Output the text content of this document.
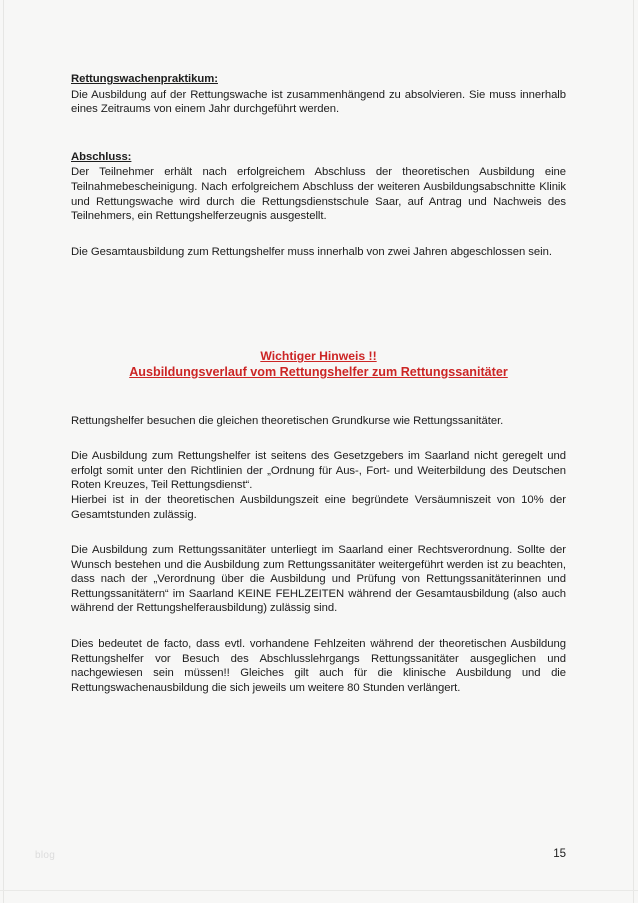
Rettungswachenpraktikum:

Die Ausbildung auf der Rettungswache ist zusammenhängend zu absolvieren. Sie muss innerhalb eines Zeitraums von einem Jahr durchgeführt werden.

Abschluss:

Der Teilnehmer erhält nach erfolgreichem Abschluss der theoretischen Ausbildung eine Teilnahmebescheinigung. Nach erfolgreichem Abschluss der weiteren Ausbildungsabschnitte Klinik und Rettungswache wird durch die Rettungsdienstschule Saar, auf Antrag und Nachweis des Teilnehmers, ein Rettungshelferzeugnis ausgestellt.

Die Gesamtausbildung zum Rettungshelfer muss innerhalb von zwei Jahren abgeschlossen sein.

Wichtiger Hinweis !!
Ausbildungsverlauf vom Rettungshelfer zum Rettungssanitäter

Rettungshelfer besuchen die gleichen theoretischen Grundkurse wie Rettungssanitäter.

Die Ausbildung zum Rettungshelfer ist seitens des Gesetzgebers im Saarland nicht geregelt und erfolgt somit unter den Richtlinien der „Ordnung für Aus-, Fort- und Weiterbildung des Deutschen Roten Kreuzes, Teil Rettungsdienst“.

Hierbei ist in der theoretischen Ausbildungszeit eine begründete Versäumniszeit von 10% der Gesamtstunden zulässig.

Die Ausbildung zum Rettungssanitäter unterliegt im Saarland einer Rechtsverordnung. Sollte der Wunsch bestehen und die Ausbildung zum Rettungssanitäter weitergeführt werden ist zu beachten, dass nach der „Verordnung über die Ausbildung und Prüfung von Rettungssanitäterinnen und Rettungssanitätern“ im Saarland KEINE FEHLZEITEN während der Gesamtausbildung (also auch während der Rettungshelferausbildung) zulässig sind.

Dies bedeutet de facto, dass evtl. vorhandene Fehlzeiten während der theoretischen Ausbildung Rettungshelfer vor Besuch des Abschlusslehrgangs Rettungssanitäter ausgeglichen und nachgewiesen sein müssen!! Gleiches gilt auch für die klinische Ausbildung und die Rettungswachenausbildung die sich jeweils um weitere 80 Stunden verlängert.

blog	15
